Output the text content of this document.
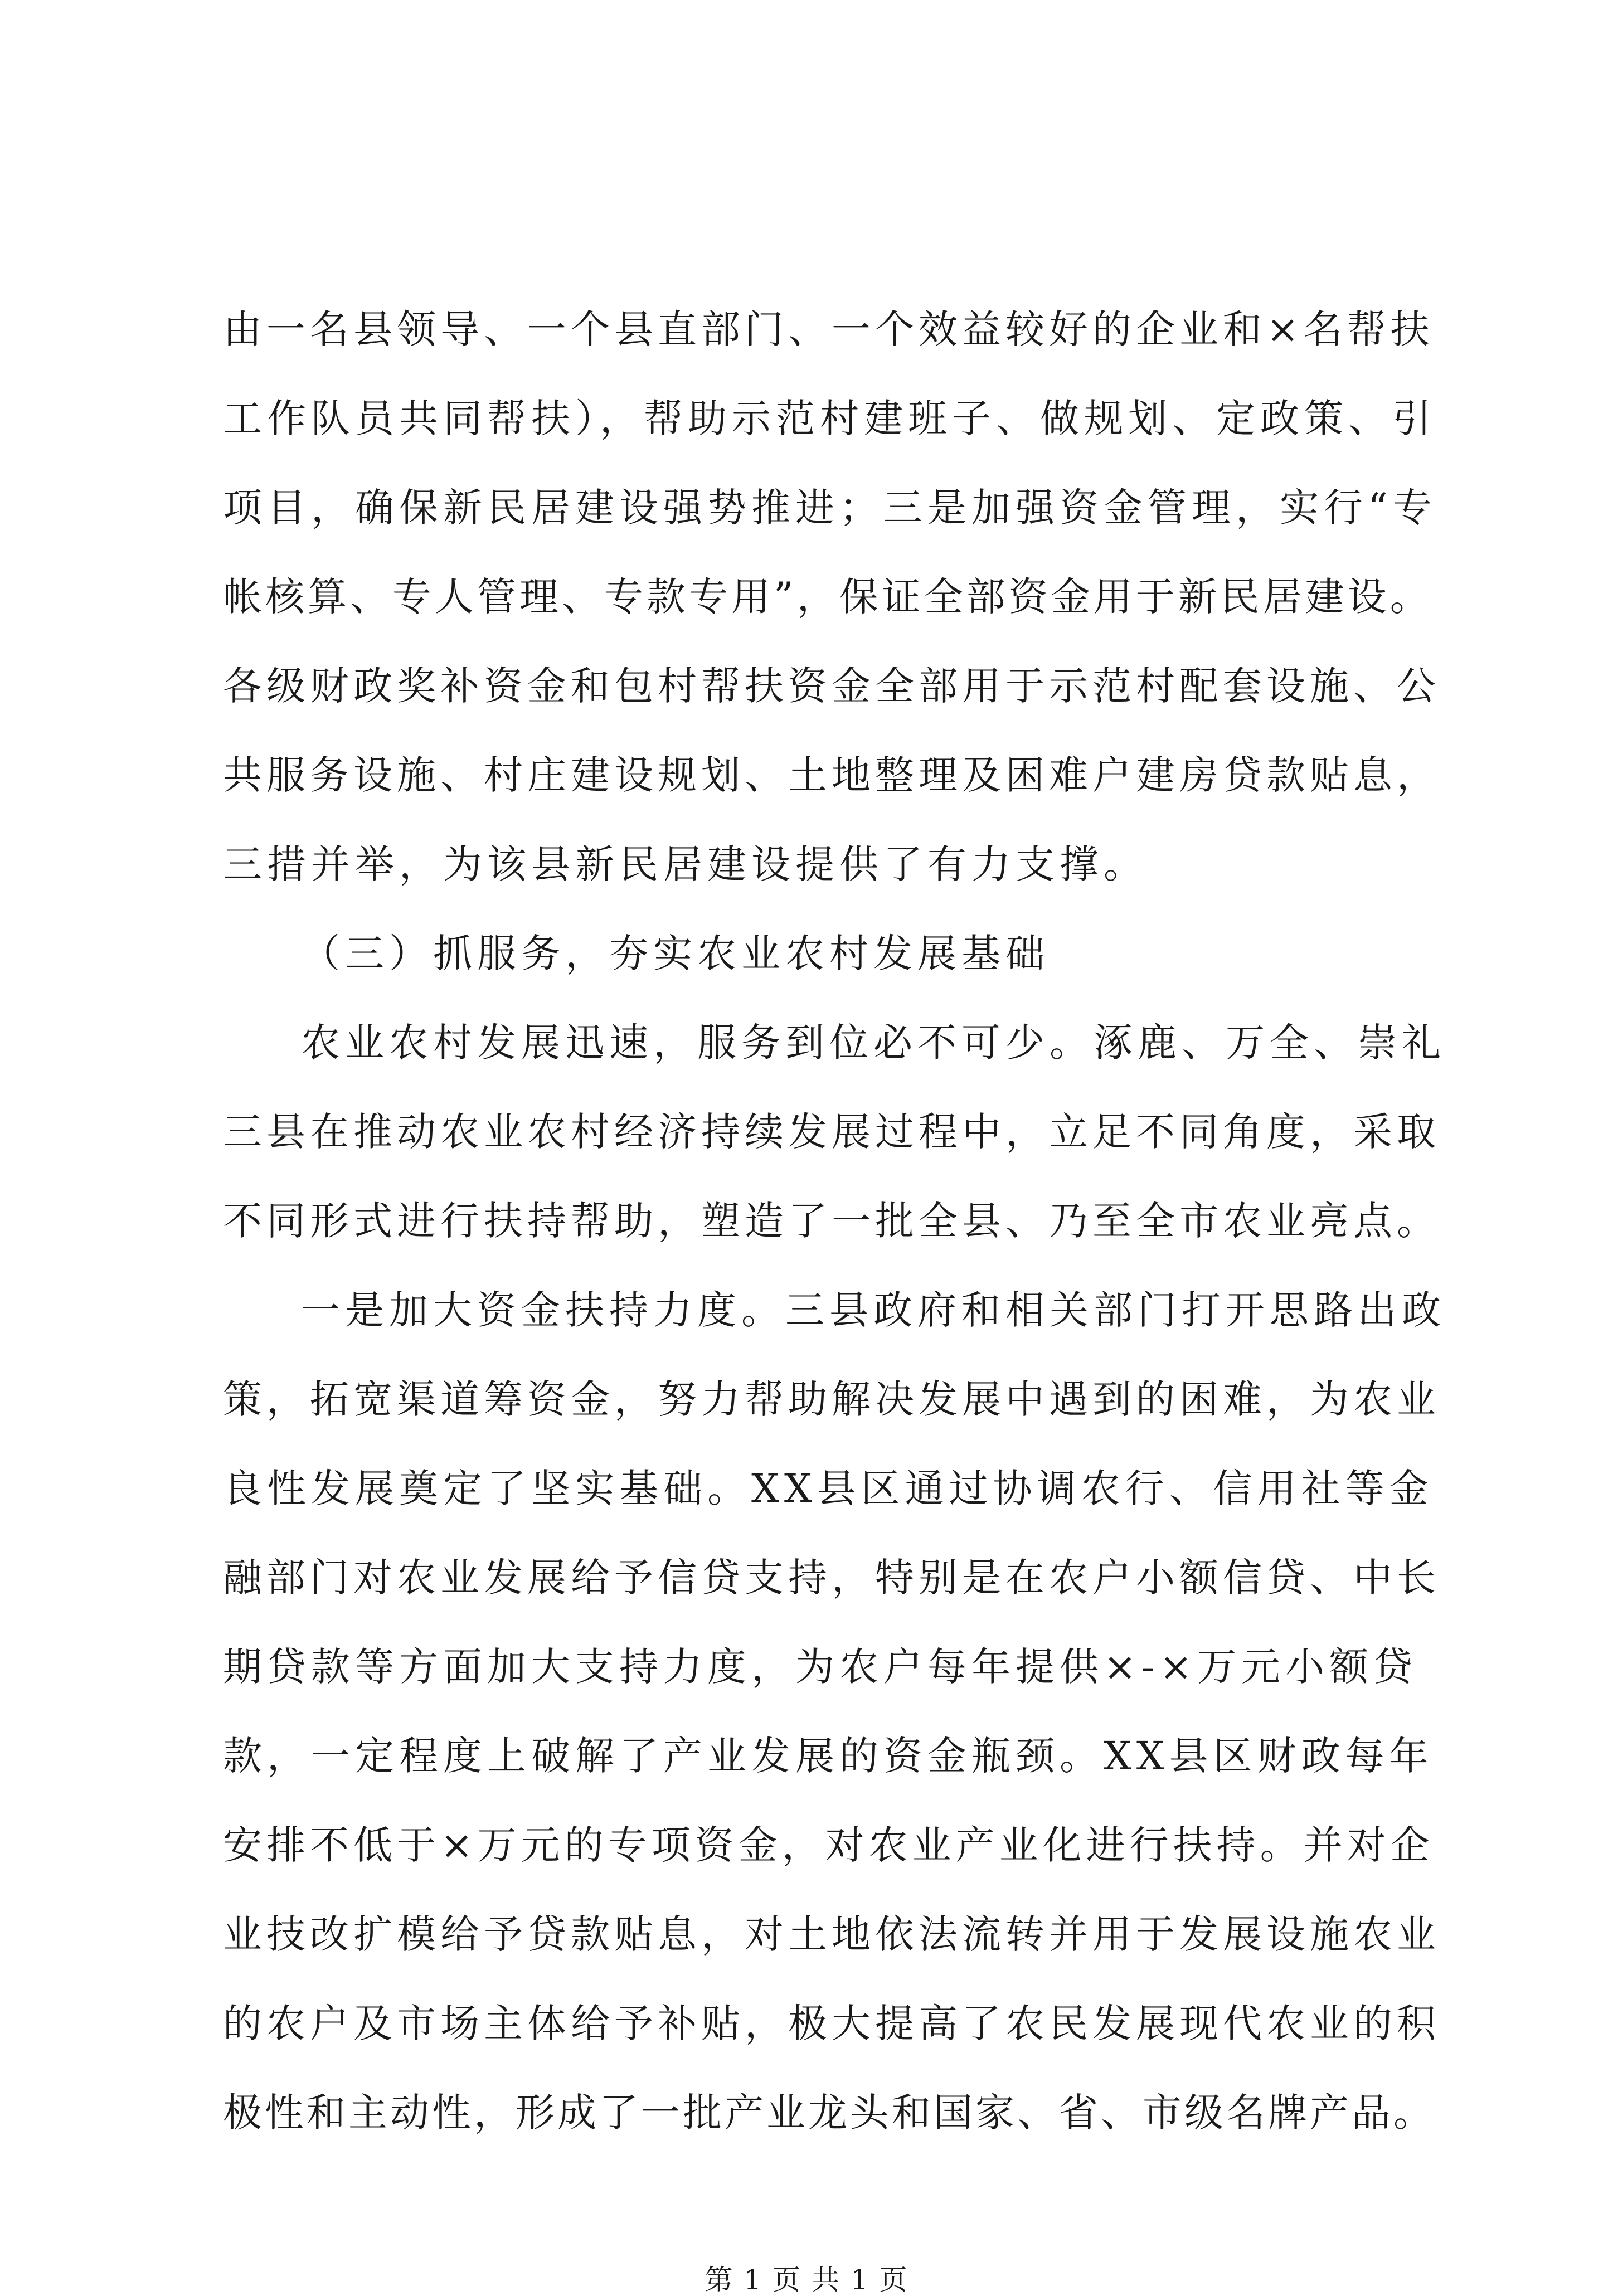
由一名县领导、一个县直部门、一个效益较好的企业和×名帮扶
工作队员共同帮扶），帮助示范村建班子、做规划、定政策、引
项目，确保新民居建设强势推进；三是加强资金管理，实行“专
帐核算、专人管理、专款专用”，保证全部资金用于新民居建设。
各级财政奖补资金和包村帮扶资金全部用于示范村配套设施、公
共服务设施、村庄建设规划、土地整理及困难户建房贷款贴息，
三措并举，为该县新民居建设提供了有力支撑。
（三）抓服务，夯实农业农村发展基础
农业农村发展迅速，服务到位必不可少。涿鹿、万全、崇礼
三县在推动农业农村经济持续发展过程中，立足不同角度，采取
不同形式进行扶持帮助，塑造了一批全县、乃至全市农业亮点。
一是加大资金扶持力度。三县政府和相关部门打开思路出政
策，拓宽渠道筹资金，努力帮助解决发展中遇到的困难，为农业
良性发展奠定了坚实基础。XX县区通过协调农行、信用社等金
融部门对农业发展给予信贷支持，特别是在农户小额信贷、中长
期贷款等方面加大支持力度，为农户每年提供×-×万元小额贷
款，一定程度上破解了产业发展的资金瓶颈。XX县区财政每年
安排不低于×万元的专项资金，对农业产业化进行扶持。并对企
业技改扩模给予贷款贴息，对土地依法流转并用于发展设施农业
的农户及市场主体给予补贴，极大提高了农民发展现代农业的积
第 1 页 共 1 页
极性和主动性，形成了一批产业龙头和国家、省、市级名牌产品。
